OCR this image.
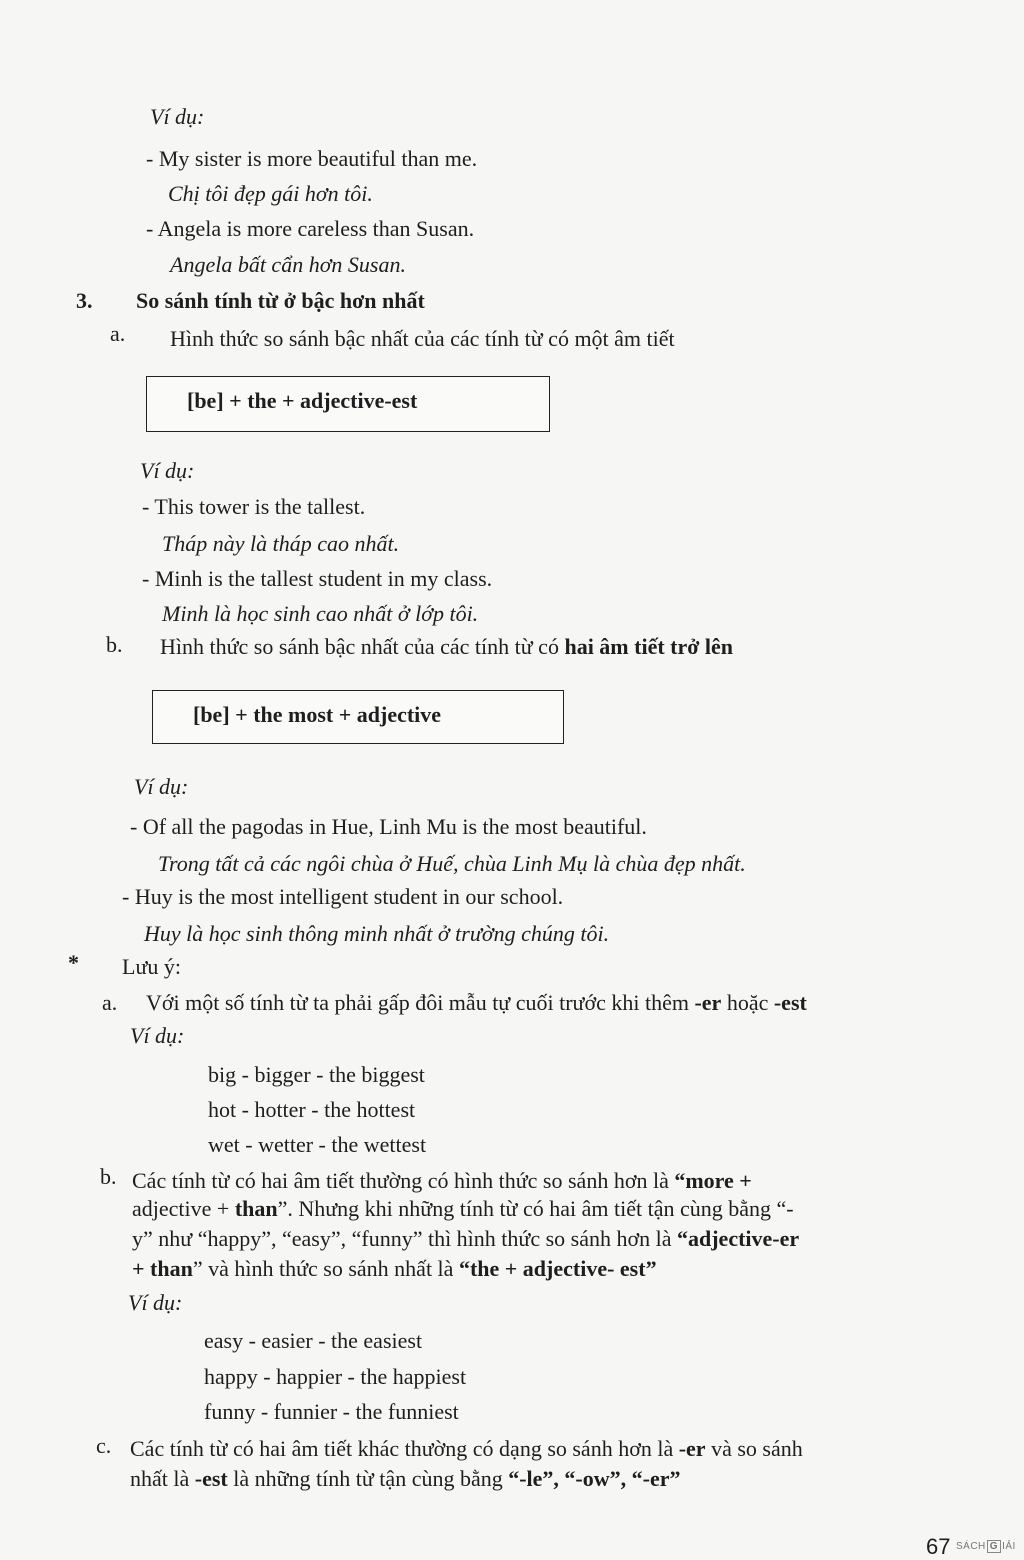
Ví dụ:
- My sister is more beautiful than me.
Chị tôi đẹp gái hơn tôi.
- Angela is more careless than Susan.
Angela bất cẩn hơn Susan.
3. So sánh tính từ ở bậc hơn nhất
a. Hình thức so sánh bậc nhất của các tính từ có một âm tiết
[be] + the + adjective-est
Ví dụ:
- This tower is the tallest.
Tháp này là tháp cao nhất.
- Minh is the tallest student in my class.
Minh là học sinh cao nhất ở lớp tôi.
b. Hình thức so sánh bậc nhất của các tính từ có hai âm tiết trở lên
[be] + the most + adjective
Ví dụ:
- Of all the pagodas in Hue, Linh Mu is the most beautiful.
Trong tất cả các ngôi chùa ở Huế, chùa Linh Mụ là chùa đẹp nhất.
- Huy is the most intelligent student in our school.
Huy là học sinh thông minh nhất ở trường chúng tôi.
* Lưu ý:
a. Với một số tính từ ta phải gấp đôi mẫu tự cuối trước khi thêm -er hoặc -est
Ví dụ:
big - bigger - the biggest
hot - hotter - the hottest
wet - wetter - the wettest
b. Các tính từ có hai âm tiết thường có hình thức so sánh hơn là “more +
adjective + than”. Nhưng khi những tính từ có hai âm tiết tận cùng bằng “-
y” như “happy”, “easy”, “funny” thì hình thức so sánh hơn là “adjective-er
+ than” và hình thức so sánh nhất là “the + adjective- est”
Ví dụ:
easy - easier - the easiest
happy - happier - the happiest
funny - funnier - the funniest
c. Các tính từ có hai âm tiết khác thường có dạng so sánh hơn là -er và so sánh
nhất là -est là những tính từ tận cùng bằng “-le”, “-ow”, “-er”
67 SÁCH G IẢI
